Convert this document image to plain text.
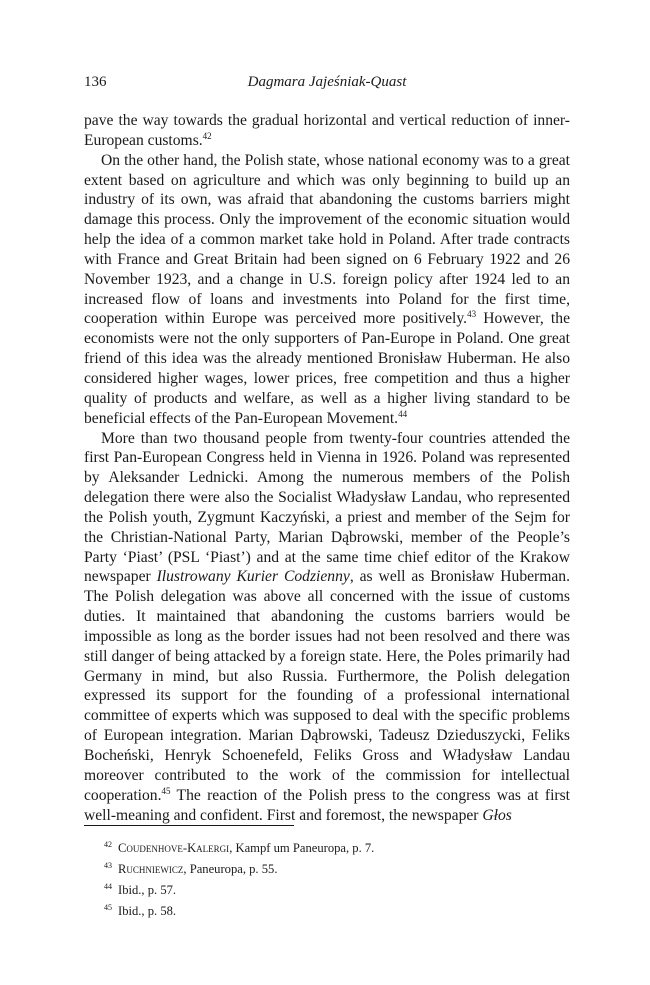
136	Dagmara Jajeśniak-Quast

pave the way towards the gradual horizontal and vertical reduction of inner-European customs.$^{42}$

On the other hand, the Polish state, whose national economy was to a great extent based on agriculture and which was only beginning to build up an industry of its own, was afraid that abandoning the customs barriers might damage this process. Only the improvement of the economic situation would help the idea of a common market take hold in Poland. After trade contracts with France and Great Britain had been signed on 6 February 1922 and 26 November 1923, and a change in U.S. foreign policy after 1924 led to an increased flow of loans and investments into Poland for the first time, cooperation within Europe was perceived more positively.$^{43}$ However, the economists were not the only supporters of Pan-Europe in Poland. One great friend of this idea was the already mentioned Bronisław Huberman. He also considered higher wages, lower prices, free competition and thus a higher quality of products and welfare, as well as a higher living standard to be beneficial effects of the Pan-European Movement.$^{44}$

More than two thousand people from twenty-four countries attended the first Pan-European Congress held in Vienna in 1926. Poland was represented by Aleksander Lednicki. Among the numerous members of the Polish delegation there were also the Socialist Władysław Landau, who represented the Polish youth, Zygmunt Kaczyński, a priest and member of the Sejm for the Christian-National Party, Marian Dąbrowski, member of the People’s Party ‘Piast’ (PSL ‘Piast’) and at the same time chief editor of the Krakow newspaper Ilustrowany Kurier Codzienny, as well as Bronisław Huberman. The Polish delegation was above all concerned with the issue of customs duties. It maintained that abandoning the customs barriers would be impossible as long as the border issues had not been resolved and there was still danger of being attacked by a foreign state. Here, the Poles primarily had Germany in mind, but also Russia. Furthermore, the Polish delegation expressed its support for the founding of a professional international committee of experts which was supposed to deal with the specific problems of European integration. Marian Dąbrowski, Tadeusz Dzieduszycki, Feliks Bocheński, Henryk Schoenefeld, Feliks Gross and Władysław Landau moreover contributed to the work of the commission for intellectual cooperation.$^{45}$ The reaction of the Polish press to the congress was at first well-meaning and confident. First and foremost, the newspaper Głos

$^{42}$ Coudenhove-Kalergi, Kampf um Paneuropa, p. 7.
$^{43}$ Ruchniewicz, Paneuropa, p. 55.
$^{44}$ Ibid., p. 57.
$^{45}$ Ibid., p. 58.
